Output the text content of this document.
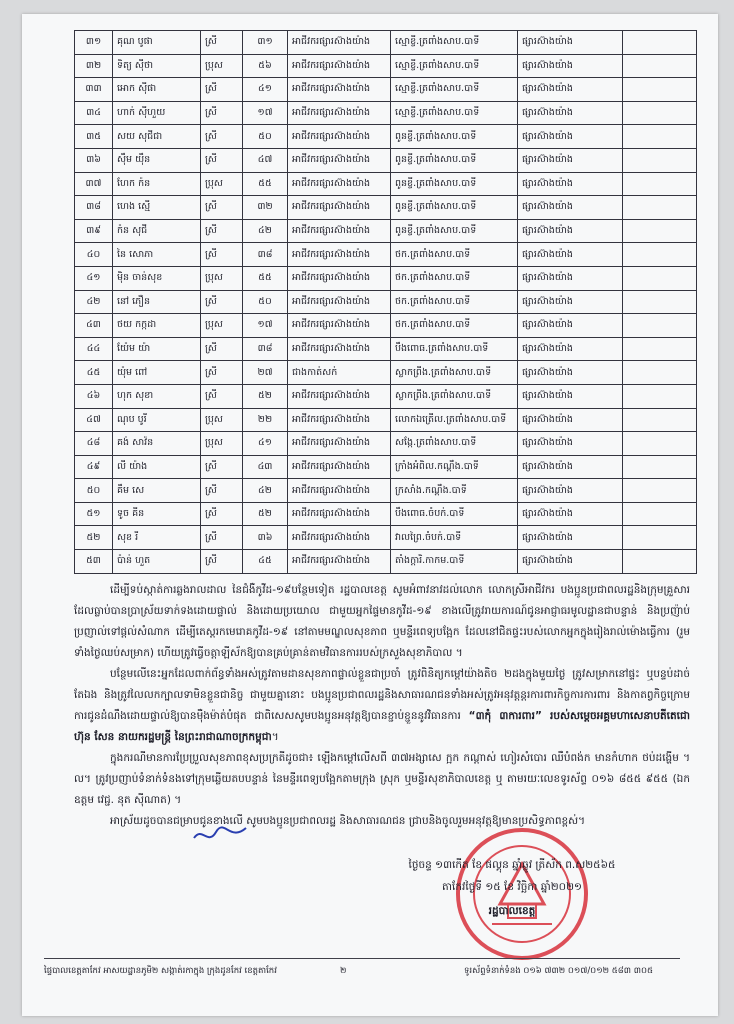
៣១	គុណ បូផា	ស្រី	៣១	អាជីវករផ្សារស៊ាងយ៉ាង	ស្មោខ្ចី.ត្រពាំងសាប.បាទី	ផ្សារស៊ាងយ៉ាង	
៣២	ទិត្យ ស៊ីថា	ប្រុស	៥៦	អាជីវករផ្សារស៊ាងយ៉ាង	ស្មោខ្ចី.ត្រពាំងសាប.បាទី	ផ្សារស៊ាងយ៉ាង	
៣៣	អោក ស៊ីផា	ស្រី	៤១	អាជីវករផ្សារស៊ាងយ៉ាង	ស្មោខ្ចី.ត្រពាំងសាប.បាទី	ផ្សារស៊ាងយ៉ាង	
៣៤	ហាក់ ស៊ីហួយ	ស្រី	១៧	អាជីវករផ្សារស៊ាងយ៉ាង	ស្មោខ្ចី.ត្រពាំងសាប.បាទី	ផ្សារស៊ាងយ៉ាង	
៣៥	សយ សុជីជា	ស្រី	៥០	អាជីវករផ្សារស៊ាងយ៉ាង	ពូនខ្ចី.ត្រពាំងសាប.បាទី	ផ្សារស៊ាងយ៉ាង	
៣៦	ស៊ឹម យ៉ឹន	ស្រី	៤៧	អាជីវករផ្សារស៊ាងយ៉ាង	ពូនខ្ចី.ត្រពាំងសាប.បាទី	ផ្សារស៊ាងយ៉ាង	
៣៧	ហែក ក៉ន	ប្រុស	៥៥	អាជីវករផ្សារស៊ាងយ៉ាង	ពូនខ្ចី.ត្រពាំងសាប.បាទី	ផ្សារស៊ាងយ៉ាង	
៣៨	ហេង ស្មើ	ស្រី	៣២	អាជីវករផ្សារស៊ាងយ៉ាង	ពូនខ្ចី.ត្រពាំងសាប.បាទី	ផ្សារស៊ាងយ៉ាង	
៣៩	ក៉ន សុជី	ស្រី	៤២	អាជីវករផ្សារស៊ាងយ៉ាង	ពូនខ្ចី.ត្រពាំងសាប.បាទី	ផ្សារស៊ាងយ៉ាង	
៤០	នៃ សោភា	ស្រី	៣៨	អាជីវករផ្សារស៊ាងយ៉ាង	ថក.ត្រពាំងសាប.បាទី	ផ្សារស៊ាងយ៉ាង	
៤១	ម៉ិន ចាន់សុខ	ប្រុស	៥៥	អាជីវករផ្សារស៊ាងយ៉ាង	ថក.ត្រពាំងសាប.បាទី	ផ្សារស៊ាងយ៉ាង	
៤២	នៅ ភឿន	ស្រី	៥០	អាជីវករផ្សារស៊ាងយ៉ាង	ថក.ត្រពាំងសាប.បាទី	ផ្សារស៊ាងយ៉ាង	
៤៣	ថយ កក្កដា	ប្រុស	១៧	អាជីវករផ្សារស៊ាងយ៉ាង	ថក.ត្រពាំងសាប.បាទី	ផ្សារស៊ាងយ៉ាង	
៤៤	យ៉ែម យ៉ា	ស្រី	៣៨	អាជីវករផ្សារស៊ាងយ៉ាង	បឹងពោធ.ត្រពាំងសាប.បាទី	ផ្សារស៊ាងយ៉ាង	
៤៥	យ៉ុម ពៅ	ស្រី	២៧	ជាងកាត់សក់	ស្លាកព្រីង.ត្រពាំងសាប.បាទី	ផ្សារស៊ាងយ៉ាង	
៤៦	ហុក សុខា	ស្រី	៥២	អាជីវករផ្សារស៊ាងយ៉ាង	ស្លាកព្រីង.ត្រពាំងសាប.បាទី	ផ្សារស៊ាងយ៉ាង	
៤៧	ណុប បូរី	ប្រុស	២២	អាជីវករផ្សារស៊ាងយ៉ាង	លោកឯត្រើល.ត្រពាំងសាប.បាទី	ផ្សារស៊ាងយ៉ាង	
៤៨	គង់ សាវ៉ន	ប្រុស	៤១	អាជីវករផ្សារស៊ាងយ៉ាង	សង្កែ.ត្រពាំងសាប.បាទី	ផ្សារស៊ាងយ៉ាង	
៤៩	លី យ៉ាង	ស្រី	៤៣	អាជីវករផ្សារស៊ាងយ៉ាង	ក្រាំងអំពិល.កណ្តឹង.បាទី	ផ្សារស៊ាងយ៉ាង	
៥០	គឹម សេ	ស្រី	៤២	អាជីវករផ្សារស៊ាងយ៉ាង	ក្រសាំង.កណ្តឹង.បាទី	ផ្សារស៊ាងយ៉ាង	
៥១	ទូច គីន	ស្រី	៥២	អាជីវករផ្សារស៊ាងយ៉ាង	បឹងពោធ.ចំបក់.បាទី	ផ្សារស៊ាងយ៉ាង	
៥២	សុខ រី	ស្រី	៣៦	អាជីវករផ្សារស៊ាងយ៉ាង	វាលព្រៃ.ចំបក់.បាទី	ផ្សារស៊ាងយ៉ាង	
៥៣	ប៉ាន់ ហួត	ស្រី	៤៥	អាជីវករផ្សារស៊ាងយ៉ាង	តាំងក្ដារិ.កាកម.បាទី	ផ្សារស៊ាងយ៉ាង	

ដើម្បីទប់ស្កាត់ការឆ្លងរាលដាល នៃជំងឺកូវីដ-១៩បន្ថែមទៀត រដ្ឋបាលខេត្ត សូមអំពាវនាវដល់លោក លោកស្រីអាជីវករ បងប្អូនប្រជាពលរដ្ឋនិងក្រុមគ្រួសារដែលធ្លាប់បានប្រាស្រ័យទាក់ទងដោយផ្ទាល់ និងដោយប្រយោល ជាមួយអ្នកផ្ទៃមានកូវីដ-១៩ ខាងលើត្រូវរាយការណ៍ជូនអាជ្ញាធរមូលដ្ឋានជាបន្ទាន់ និងប្រញ៉ាប់ប្រញាល់ទៅផ្ដល់សំណាក ដើម្បីតេស្តរកមេរោគកូវីដ-១៩ នៅតាមមណ្ឌលសុខភាព ឬមន្ទីរពេទ្យបង្អែក ដែលនៅជិតផ្ទះរបស់លោកអ្នកក្នុងរៀងរាល់ម៉ោងធ្វើការ (រួមទាំងថ្ងៃឈប់សម្រាក) ហើយត្រូវធ្វើចត្តាឡីស័កឱ្យបានគ្រប់គ្រាន់តាមវិធានការរបស់ក្រសួងសុខាភិបាល ។

បន្ថែមលើនេះអ្នកដែលពាក់ព័ន្ធទាំងអស់ត្រូវតាមដានសុខភាពផ្ទាល់ខ្លួនជាប្រចាំ ត្រូវពិនិត្យកម្តៅយ៉ាងតិច ២ដងក្នុងមួយថ្ងៃ ត្រូវសម្រាកនៅផ្ទះ ឬបន្ទប់ដាច់តែឯង និងត្រូវលៃលកក្បាលទាមិនខ្លួនជានិច្ច ជាមួយគ្នានោះ បងប្អូនប្រជាពលរដ្ឋនិងសាធារណជនទាំងអស់ត្រូវអនុវត្តន្តរការពារកិច្ចការការពារ និងកាតព្វកិច្ចក្រោមការជូនដំណឹងដោយផ្ទាល់ឱ្យបានម៉ឺងម៉ាត់បំផុត ជាពិសេសសូមបងប្អូនអនុវត្តឱ្យបានខ្ជាប់ខ្ជួននូវវិធានការ “៣កុំ ៣ការពារ” របស់សម្ដេចអគ្គមហាសេនាបតីតេជោ ហ៊ុន សែន នាយករដ្ឋមន្ត្រី នៃព្រះរាជាណាចក្រកម្ពុជា។

ក្នុងករណីមានការប្រែប្រួលសុខភាពខុសប្រក្រតីដូចជា៖ ឡើងកម្តៅលើសពី ៣៧អង្សាសេ ក្អក កណ្តាស់ ហៀរសំបោរ ឈឺបំពង់ក មានកំហាក ថប់ដង្ហើម ។ល។ ត្រូវប្រញាប់ទំនាក់ទំនងទៅក្រុមឆ្លើយតបបន្ទាន់ នៃមន្ទីរពេទ្យបង្អែកតាមក្រុង ស្រុក ឬមន្ទីរសុខាភិបាលខេត្ត ឬ តាមរយៈលេខទូរស័ព្ទ ០១៦ ៨៥៥ ៩៥៥ (ឯកឧត្តម វេជ្ជ. នុត ស៊ីណាត) ។

អាស្រ័យដូចបានជម្រាបជូនខាងលើ សូមបងប្អូនប្រជាពលរដ្ឋ និងសាធារណជន ជ្រាបនិងចូលរួមអនុវត្តឱ្យមានប្រសិទ្ធភាពខ្ពស់។

ថ្ងៃចន្ទ ១៣កើត ខែ ផល្គុន ឆ្នាំឆ្លូវ ត្រីស័ក ព.ស២៥៦៥
តាកែវថ្ងៃទី ១៥ ខែ វិច្ឆិកា ឆ្នាំ២០២១
រដ្ឋបាលខេត្ត
ផ្ទៃបាលខេត្តតាកែវ អាសយដ្ឋានភូមិ២ សង្កាត់រកាក្នុង ក្រុងដូនកែវ ខេត្តតាកែវ	២	ទូរស័ព្ទទំនាក់ទំនង ០១៦ ៧៣២ ០១៧/០១២ ៥៨៣ ៣០៥
